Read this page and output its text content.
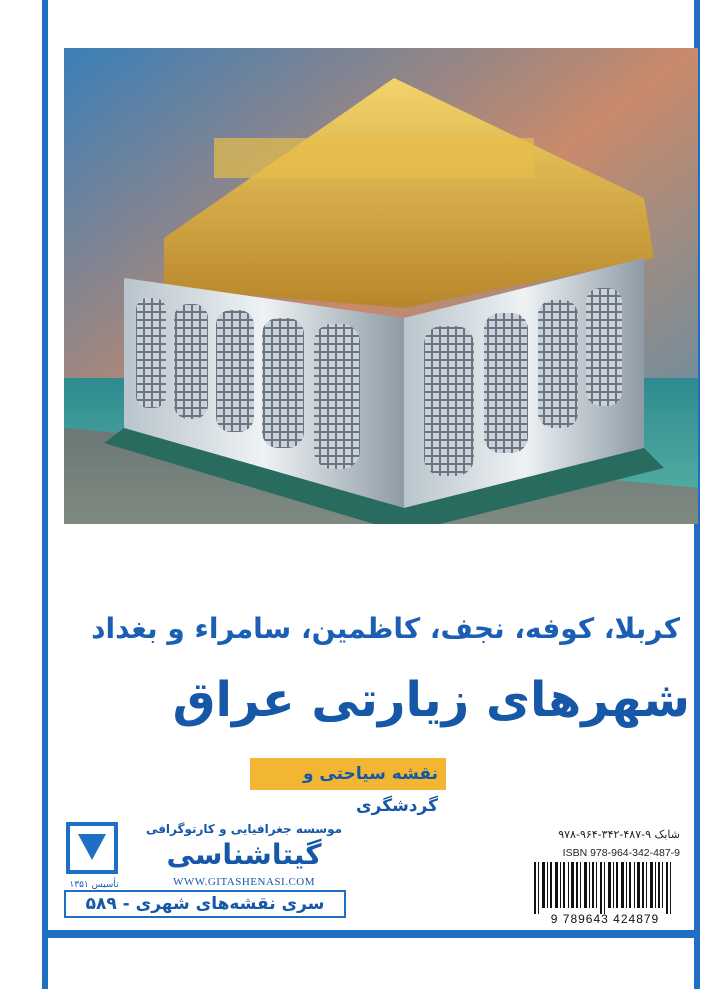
کربلا، کوفه، نجف، کاظمین، سامراء و بغداد
شهرهای زیارتی عراق
نقشه سیاحتی و گردشگری
تأسیس ۱۳۵۱
موسسه جغرافیایی و کارتوگرافی
گیتاشناسی
WWW.GITASHENASI.COM
سری نقشه‌های شهری - ۵۸۹
شابک ۹-۴۸۷-۳۴۲-۹۶۴-۹۷۸
ISBN 978-964-342-487-9
9 789643 424879
